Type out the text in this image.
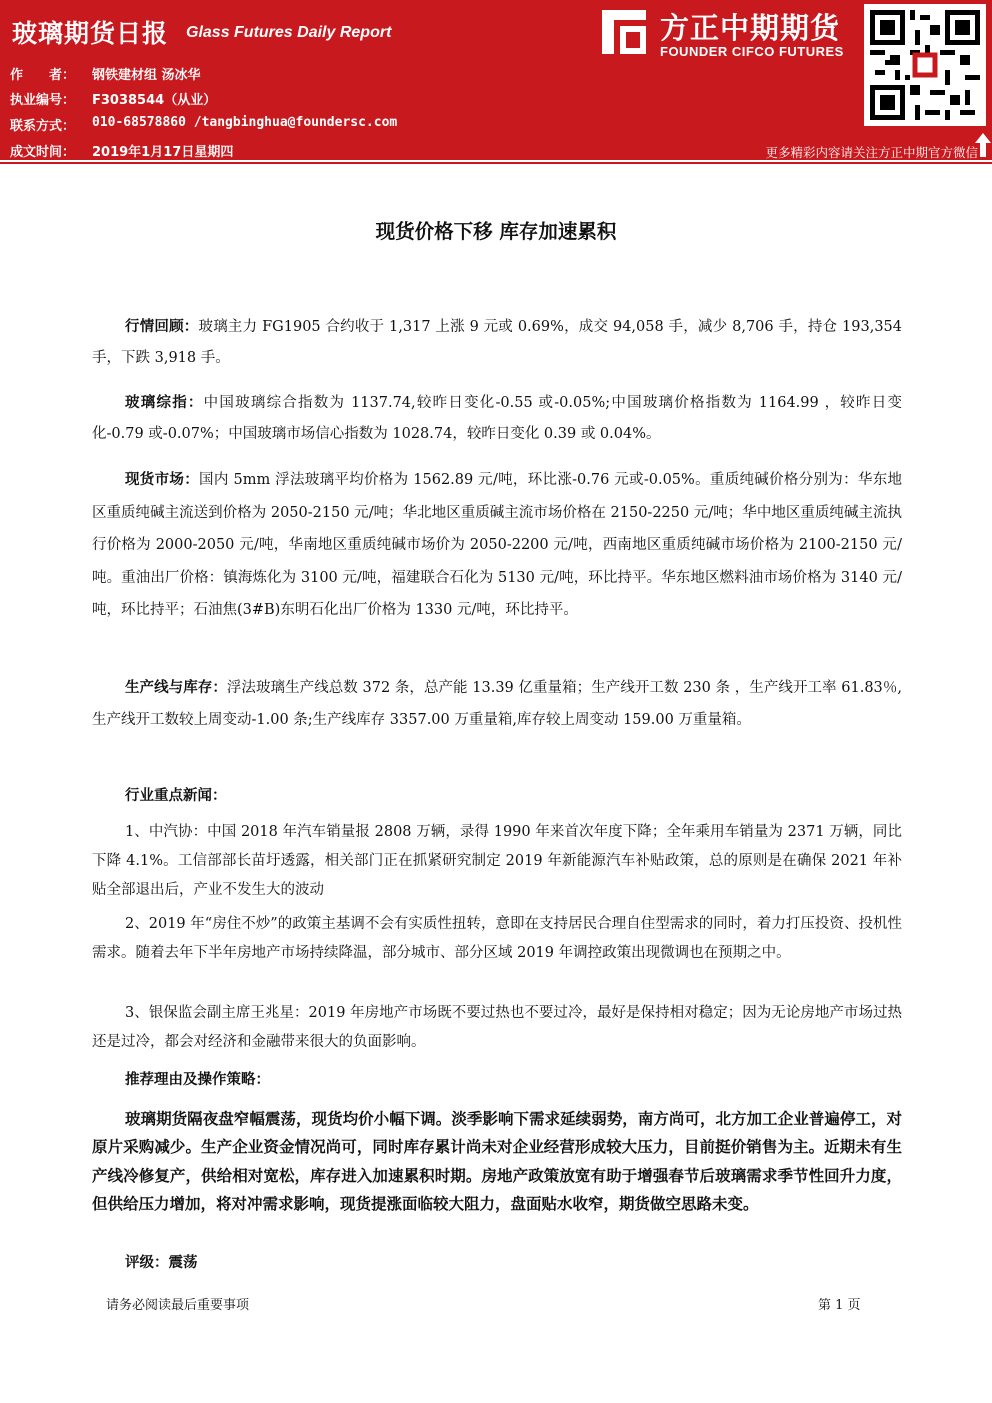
玻璃期货日报 Glass Futures Daily Report
作　　者：	钢铁建材组 汤冰华
执业编号：	F3038544（从业）
联系方式：	010-68578860 /tangbinghua@foundersc.com
成文时间：	2019年1月17日星期四
方正中期期货
FOUNDER CIFCO FUTURES
更多精彩内容请关注方正中期官方微信
现货价格下移 库存加速累积
行情回顾：玻璃主力 FG1905 合约收于 1,317 上涨 9 元或 0.69%，成交 94,058 手，减少 8,706 手，持仓 193,354 手，下跌 3,918 手。
玻璃综指：中国玻璃综合指数为 1137.74,较昨日变化-0.55 或-0.05%;中国玻璃价格指数为 1164.99 ，较昨日变化-0.79 或-0.07%；中国玻璃市场信心指数为 1028.74，较昨日变化 0.39 或 0.04%。
现货市场：国内 5mm 浮法玻璃平均价格为 1562.89 元/吨，环比涨-0.76 元或-0.05%。重质纯碱价格分别为：华东地区重质纯碱主流送到价格为 2050-2150 元/吨；华北地区重质碱主流市场价格在 2150-2250 元/吨；华中地区重质纯碱主流执行价格为 2000-2050 元/吨，华南地区重质纯碱市场价为 2050-2200 元/吨，西南地区重质纯碱市场价格为 2100-2150 元/吨。重油出厂价格：镇海炼化为 3100 元/吨，福建联合石化为 5130 元/吨，环比持平。华东地区燃料油市场价格为 3140 元/吨，环比持平；石油焦(3#B)东明石化出厂价格为 1330 元/吨，环比持平。
生产线与库存：浮法玻璃生产线总数 372 条，总产能 13.39 亿重量箱；生产线开工数 230 条 ，生产线开工率 61.83％,生产线开工数较上周变动-1.00 条;生产线库存 3357.00 万重量箱,库存较上周变动 159.00 万重量箱。
行业重点新闻：
1、中汽协：中国 2018 年汽车销量报 2808 万辆，录得 1990 年来首次年度下降；全年乘用车销量为 2371 万辆，同比下降 4.1%。工信部部长苗圩透露，相关部门正在抓紧研究制定 2019 年新能源汽车补贴政策，总的原则是在确保 2021 年补贴全部退出后，产业不发生大的波动
2、2019 年“房住不炒”的政策主基调不会有实质性扭转，意即在支持居民合理自住型需求的同时，着力打压投资、投机性需求。随着去年下半年房地产市场持续降温，部分城市、部分区域 2019 年调控政策出现微调也在预期之中。
3、银保监会副主席王兆星：2019 年房地产市场既不要过热也不要过冷，最好是保持相对稳定；因为无论房地产市场过热还是过冷，都会对经济和金融带来很大的负面影响。
推荐理由及操作策略：
玻璃期货隔夜盘窄幅震荡，现货均价小幅下调。淡季影响下需求延续弱势，南方尚可，北方加工企业普遍停工，对原片采购减少。生产企业资金情况尚可，同时库存累计尚未对企业经营形成较大压力，目前挺价销售为主。近期未有生产线冷修复产，供给相对宽松，库存进入加速累积时期。房地产政策放宽有助于增强春节后玻璃需求季节性回升力度，但供给压力增加，将对冲需求影响，现货提涨面临较大阻力，盘面贴水收窄，期货做空思路未变。
评级：震荡
请务必阅读最后重要事项	第 1 页
